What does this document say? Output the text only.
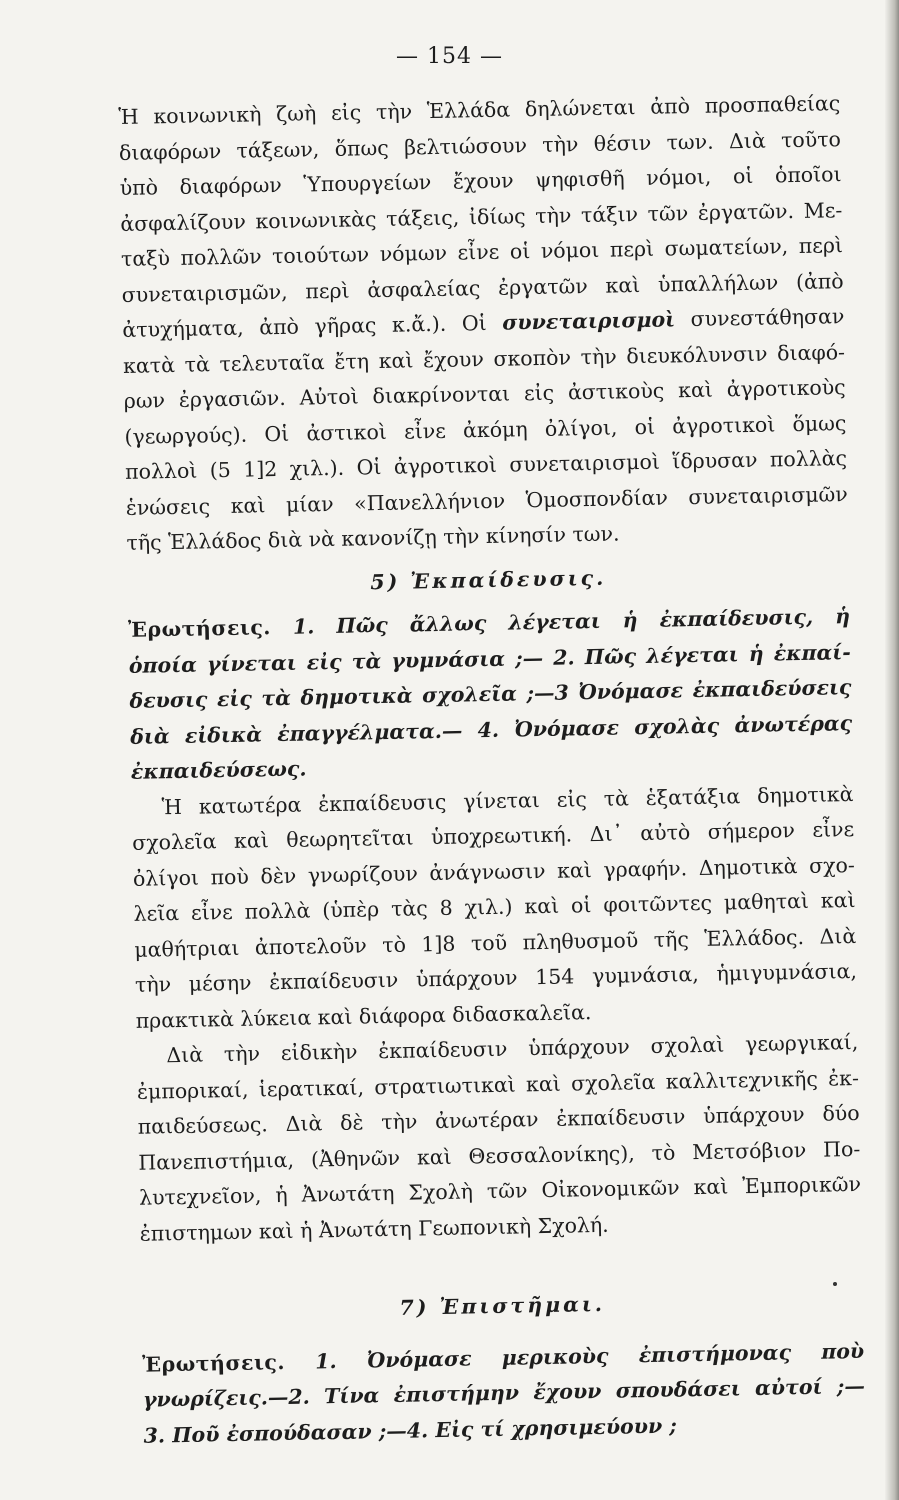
— 154 —
Ἡ κοινωνικὴ ζωὴ εἰς τὴν Ἑλλάδα δηλώνεται ἀπὸ προσπαθείας
διαφόρων τάξεων, ὅπως βελτιώσουν τὴν θέσιν των. Διὰ τοῦτο
ὑπὸ διαφόρων Ὑπουργείων ἔχουν ψηφισθῆ νόμοι, οἱ ὁποῖοι
ἀσφαλίζουν κοινωνικὰς τάξεις, ἰδίως τὴν τάξιν τῶν ἐργατῶν. Με-
ταξὺ πολλῶν τοιούτων νόμων εἶνε οἱ νόμοι περὶ σωματείων, περὶ
συνεταιρισμῶν, περὶ ἀσφαλείας ἐργατῶν καὶ ὑπαλλήλων (ἀπὸ
ἀτυχήματα, ἀπὸ γῆρας κ.ἄ.). Οἱ συνεταιρισμοὶ συνεστάθησαν
κατὰ τὰ τελευταῖα ἔτη καὶ ἔχουν σκοπὸν τὴν διευκόλυνσιν διαφό-
ρων ἐργασιῶν. Αὐτοὶ διακρίνονται εἰς ἀστικοὺς καὶ ἀγροτικοὺς
(γεωργούς). Οἱ ἀστικοὶ εἶνε ἀκόμη ὀλίγοι, οἱ ἀγροτικοὶ ὅμως
πολλοὶ (5 1]2 χιλ.). Οἱ ἀγροτικοὶ συνεταιρισμοὶ ἵδρυσαν πολλὰς
ἑνώσεις καὶ μίαν «Πανελλήνιον Ὁμοσπονδίαν συνεταιρισμῶν
τῆς Ἑλλάδος διὰ νὰ κανονίζῃ τὴν κίνησίν των.
5) Ἐκπαίδευσις.
Ἐρωτήσεις. 1. Πῶς ἄλλως λέγεται ἡ ἐκπαίδευσις, ἡ
ὁποία γίνεται εἰς τὰ γυμνάσια ;— 2. Πῶς λέγεται ἡ ἐκπαί-
δευσις εἰς τὰ δημοτικὰ σχολεῖα ;—3 Ὀνόμασε ἐκπαιδεύσεις
διὰ εἰδικὰ ἐπαγγέλματα.— 4. Ὀνόμασε σχολὰς ἀνωτέρας
ἐκπαιδεύσεως.
Ἡ κατωτέρα ἐκπαίδευσις γίνεται εἰς τὰ ἑξατάξια δημοτικὰ
σχολεῖα καὶ θεωρητεῖται ὑποχρεωτική. Δι᾽ αὐτὸ σήμερον εἶνε
ὀλίγοι ποὺ δὲν γνωρίζουν ἀνάγνωσιν καὶ γραφήν. Δημοτικὰ σχο-
λεῖα εἶνε πολλὰ (ὑπὲρ τὰς 8 χιλ.) καὶ οἱ φοιτῶντες μαθηταὶ καὶ
μαθήτριαι ἀποτελοῦν τὸ 1]8 τοῦ πληθυσμοῦ τῆς Ἑλλάδος. Διὰ
τὴν μέσην ἐκπαίδευσιν ὑπάρχουν 154 γυμνάσια, ἡμιγυμνάσια,
πρακτικὰ λύκεια καὶ διάφορα διδασκαλεῖα.
Διὰ τὴν εἰδικὴν ἐκπαίδευσιν ὑπάρχουν σχολαὶ γεωργικαί,
ἐμπορικαί, ἱερατικαί, στρατιωτικαὶ καὶ σχολεῖα καλλιτεχνικῆς ἐκ-
παιδεύσεως. Διὰ δὲ τὴν ἀνωτέραν ἐκπαίδευσιν ὑπάρχουν δύο
Πανεπιστήμια, (Ἀθηνῶν καὶ Θεσσαλονίκης), τὸ Μετσόβιον Πο-
λυτεχνεῖον, ἡ Ἀνωτάτη Σχολὴ τῶν Οἰκονομικῶν καὶ Ἐμπορικῶν
ἐπιστημων καὶ ἡ Ἀνωτάτη Γεωπονικὴ Σχολή.
7) Ἐπιστῆμαι.
Ἐρωτήσεις. 1. Ὀνόμασε μερικοὺς ἐπιστήμονας ποὺ
γνωρίζεις.—2. Τίνα ἐπιστήμην ἔχουν σπουδάσει αὐτοί ;—
3. Ποῦ ἐσπούδασαν ;—4. Εἰς τί χρησιμεύουν ;
